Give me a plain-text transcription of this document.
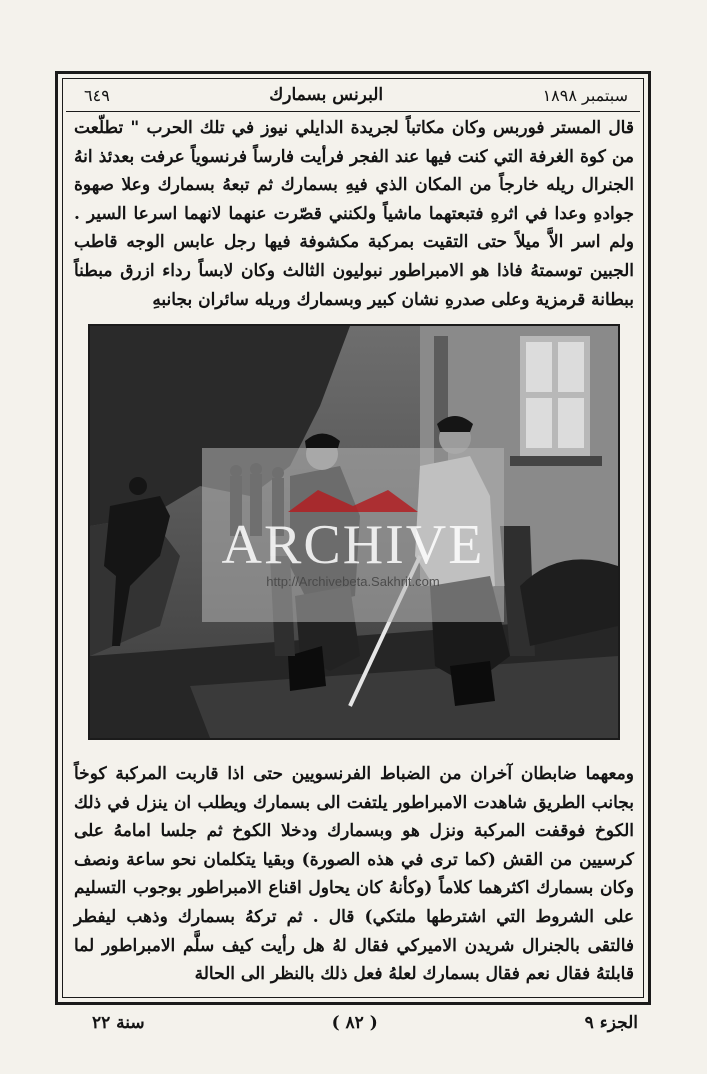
٦٤٩	البرنس بسمارك	سبتمبر ١٨٩٨
قال المستر فوربس وكان مكاتباً لجريدة الدايلي نيوز في تلك الحرب " تطلّعت من كوة الغرفة التي كنت فيها عند الفجر فرأيت فارساً فرنسوياً عرفت بعدئذ انهُ الجنرال ريله خارجاً من المكان الذي فيهِ بسمارك ثم تبعهُ بسمارك وعلا صهوة جوادهِ وعدا في اثرهِ فتبعتهما ماشياً ولكنني قصّرت عنهما لانهما اسرعا السير . ولم اسر الاَّ ميلاً حتى التقيت بمركبة مكشوفة فيها رجل عابس الوجه قاطب الجبين توسمتهُ فاذا هو الامبراطور نبوليون الثالث وكان لابساً رداء ازرق مبطناً ببطانة قرمزية وعلى صدرهِ نشان كبير وبسمارك وريله سائران بجانبهِ
ARCHIVE
http://Archivebeta.Sakhrit.com
ومعهما ضابطان آخران من الضباط الفرنسويين حتى اذا قاربت المركبة كوخاً بجانب الطريق شاهدت الامبراطور يلتفت الى بسمارك ويطلب ان ينزل في ذلك الكوخ فوقفت المركبة ونزل هو وبسمارك ودخلا الكوخ ثم جلسا امامهُ على كرسيين من القش (كما ترى في هذه الصورة) وبقيا يتكلمان نحو ساعة ونصف وكان بسمارك اكثرهما كلاماً (وكأنهُ كان يحاول اقناع الامبراطور بوجوب التسليم على الشروط التي اشترطها ملتكي) قال . ثم تركهُ بسمارك وذهب ليفطر فالتقى بالجنرال شريدن الاميركي فقال لهُ هل رأيت كيف سلَّم الامبراطور لما قابلتهُ فقال نعم فقال بسمارك لعلهُ فعل ذلك بالنظر الى الحالة
سنة ٢٢	( ٨٢ )	الجزء ٩
